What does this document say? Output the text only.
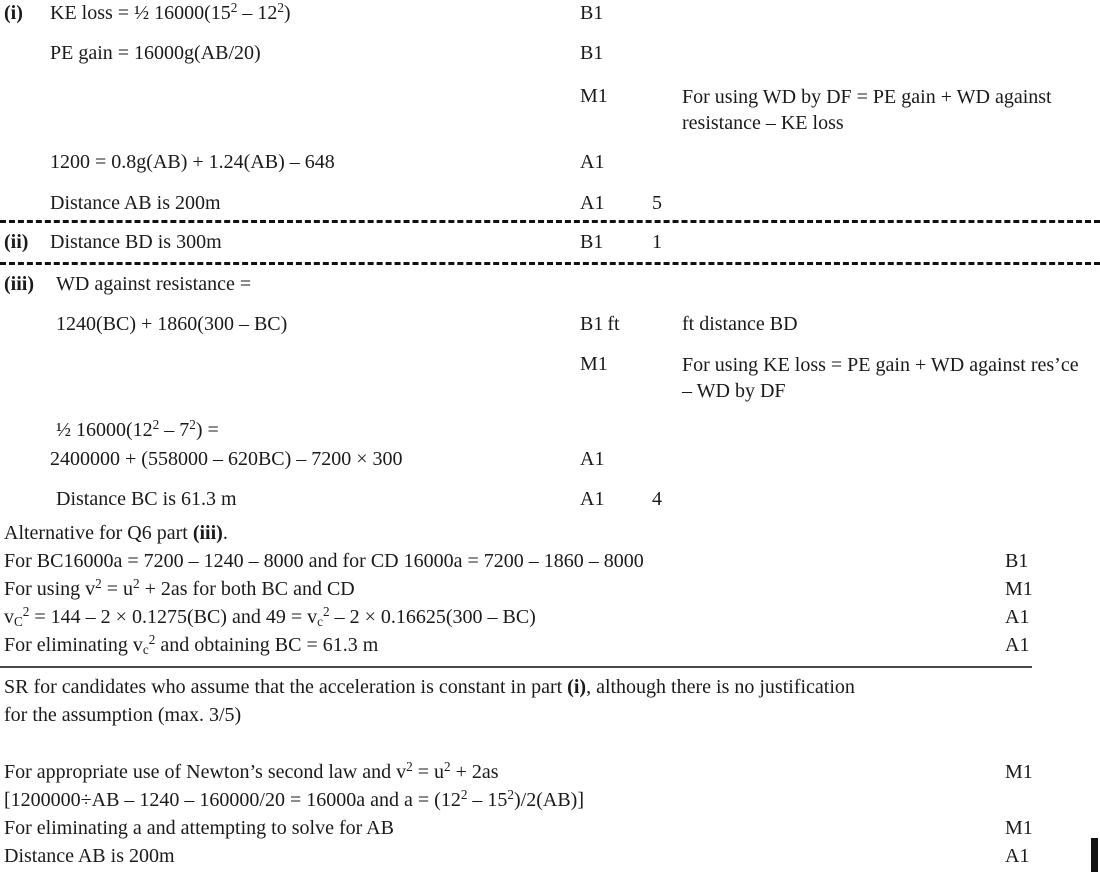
(i) KE loss = ½ $16000(15^2 - 12^2)$	B1
PE gain = 16000g(AB/20)	B1
M1	For using WD by DF = PE gain + WD against resistance – KE loss
1200 = 0.8g(AB) + 1.24(AB) – 648	A1
Distance AB is 200m	A1 5
(ii) Distance BD is 300m	B1 1
(iii) WD against resistance =
1240(BC) + 1860(300 – BC)	B1 ft	ft distance BD
M1	For using KE loss = PE gain + WD against res’ce – WD by DF
½ $16000(12^2 - 7^2)$ =
2400000 + (558000 – 620BC) – 7200 × 300	A1
Distance BC is 61.3 m	A1 4
Alternative for Q6 part (iii).
For BC16000a = 7200 – 1240 – 8000 and for CD 16000a = 7200 – 1860 – 8000	B1
For using $v^2 = u^2 + 2as$ for both BC and CD	M1
$v_C^2 = 144 - 2 \times 0.1275(BC)$ and $49 = v_c^2 - 2 \times 0.16625(300 - BC)$	A1
For eliminating $v_c^2$ and obtaining BC = 61.3 m	A1
SR for candidates who assume that the acceleration is constant in part (i), although there is no justification
for the assumption (max. 3/5)
For appropriate use of Newton’s second law and $v^2 = u^2 + 2as$	M1
[1200000÷AB – 1240 – 160000/20 = 16000a and $a = (12^2 - 15^2)/2(AB)$]
For eliminating a and attempting to solve for AB	M1
Distance AB is 200m	A1
